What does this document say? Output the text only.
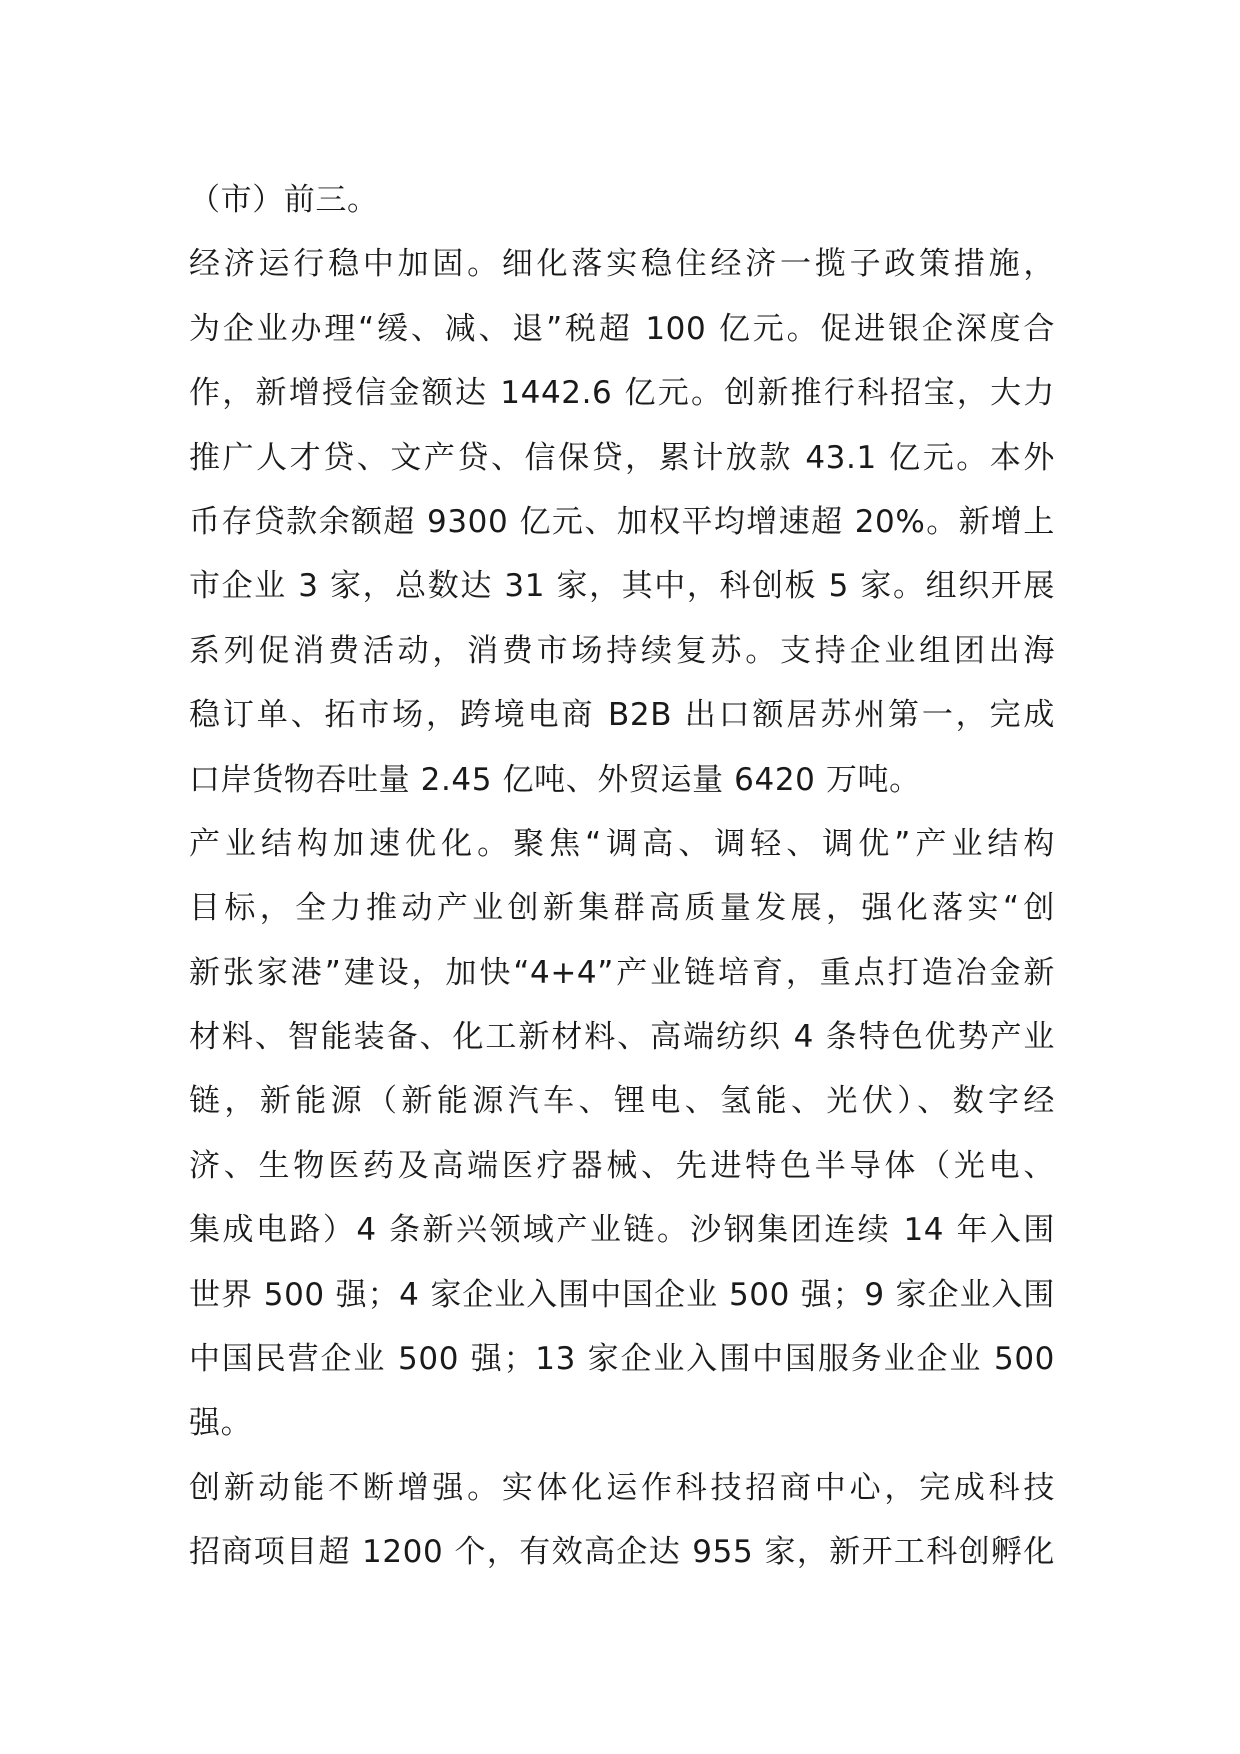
（市）前三。
经济运行稳中加固。细化落实稳住经济一揽子政策措施，
为企业办理“缓、减、退”税超 100 亿元。促进银企深度合
作，新增授信金额达 1442.6 亿元。创新推行科招宝，大力
推广人才贷、文产贷、信保贷，累计放款 43.1 亿元。本外
币存贷款余额超 9300 亿元、加权平均增速超 20%。新增上
市企业 3 家，总数达 31 家，其中，科创板 5 家。组织开展
系列促消费活动，消费市场持续复苏。支持企业组团出海
稳订单、拓市场，跨境电商 B2B 出口额居苏州第一，完成
口岸货物吞吐量 2.45 亿吨、外贸运量 6420 万吨。
产业结构加速优化。聚焦“调高、调轻、调优”产业结构
目标，全力推动产业创新集群高质量发展，强化落实“创
新张家港”建设，加快“4+4”产业链培育，重点打造冶金新
材料、智能装备、化工新材料、高端纺织 4 条特色优势产业
链，新能源（新能源汽车、锂电、氢能、光伏）、数字经
济、生物医药及高端医疗器械、先进特色半导体（光电、
集成电路）4 条新兴领域产业链。沙钢集团连续 14 年入围
世界 500 强；4 家企业入围中国企业 500 强；9 家企业入围
中国民营企业 500 强；13 家企业入围中国服务业企业 500
强。
创新动能不断增强。实体化运作科技招商中心，完成科技
招商项目超 1200 个，有效高企达 955 家，新开工科创孵化
